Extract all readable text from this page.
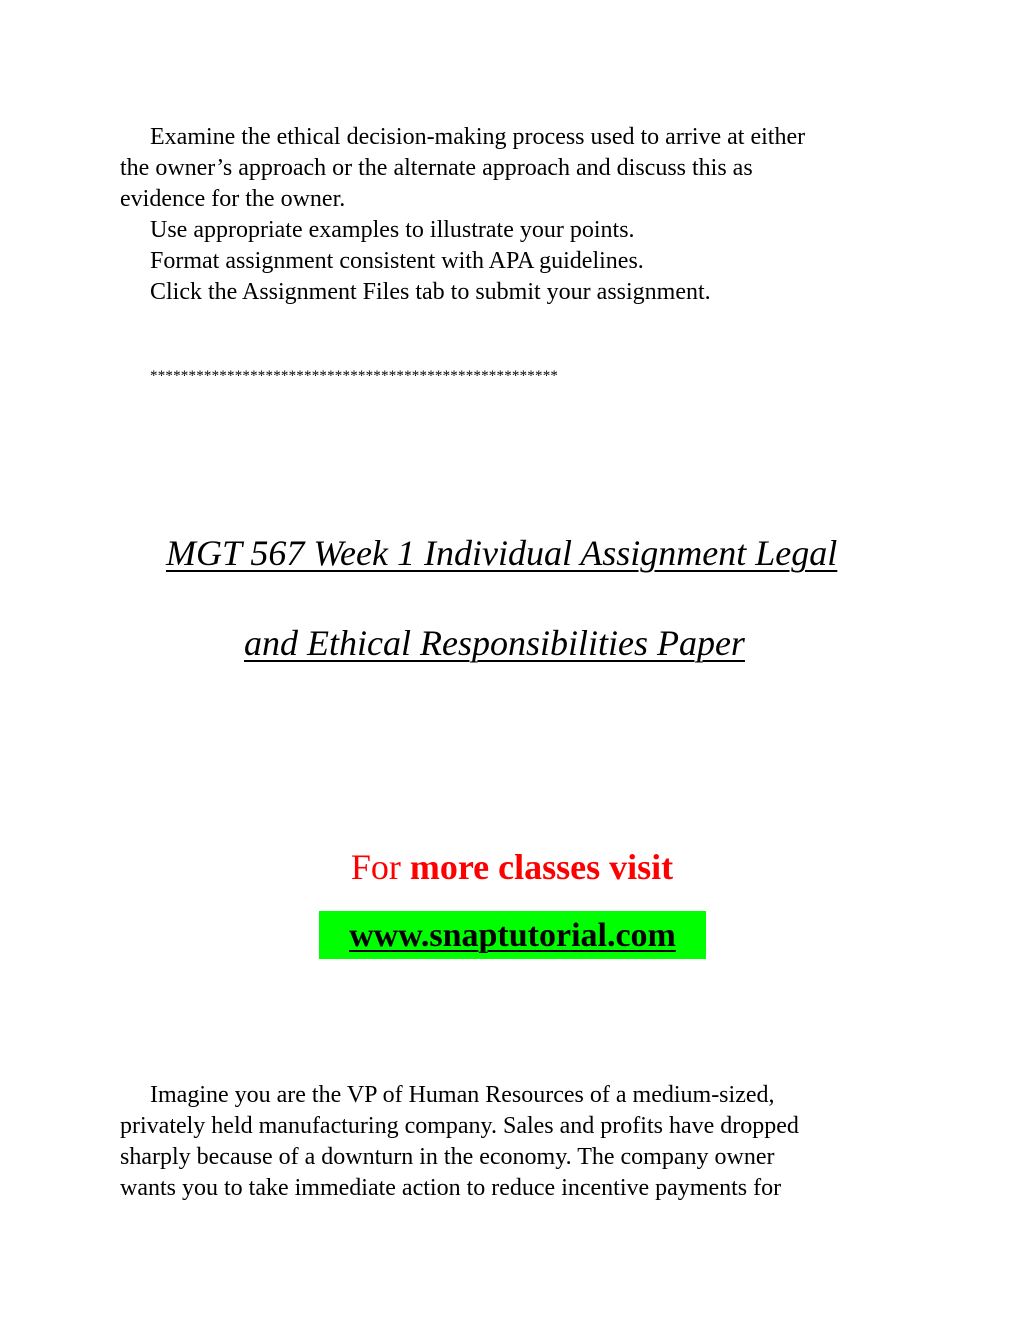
Examine the ethical decision-making process used to arrive at either
the owner’s approach or the alternate approach and discuss this as
evidence for the owner.
Use appropriate examples to illustrate your points.
Format assignment consistent with APA guidelines.
Click the Assignment Files tab to submit your assignment.
*****************************************************
MGT 567 Week 1 Individual Assignment Legal
and Ethical Responsibilities Paper
For more classes visit
www.snaptutorial.com
Imagine you are the VP of Human Resources of a medium-sized,
privately held manufacturing company. Sales and profits have dropped
sharply because of a downturn in the economy. The company owner
wants you to take immediate action to reduce incentive payments for
